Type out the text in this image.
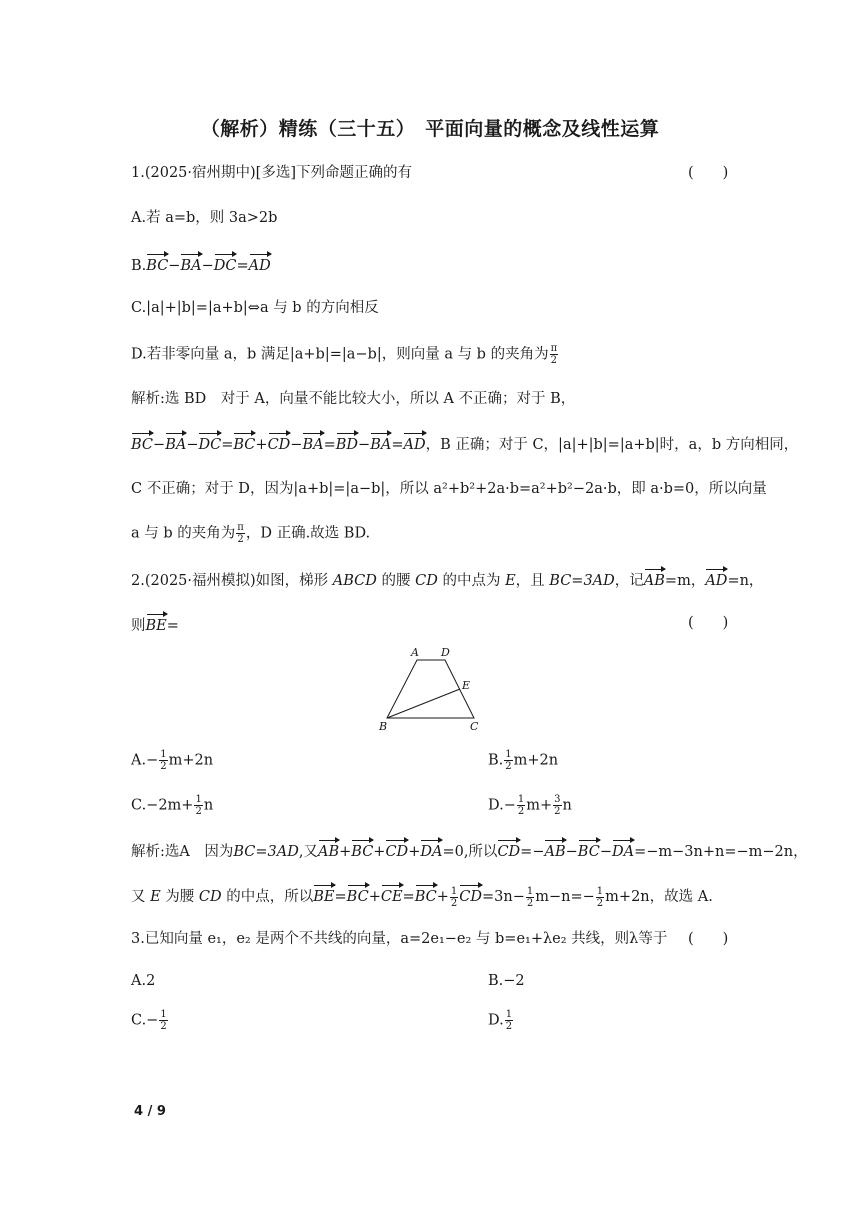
（解析）精练（三十五）　平面向量的概念及线性运算
1.(2025·宿州期中)[多选]下列命题正确的有	(　　)
A.若 a=b，则 3a>2b
B.BC−BA−DC=AD
C.|a|+|b|=|a+b|⇔a 与 b 的方向相反
D.若非零向量 a，b 满足|a+b|=|a−b|，则向量 a 与 b 的夹角为 $\frac{\pi}{2}$
解析:选 BD　对于 A，向量不能比较大小，所以 A 不正确；对于 B，
BC−BA−DC=BC+CD−BA=BD−BA=AD，B 正确；对于 C，|a|+|b|=|a+b|时，a，b 方向相同，
C 不正确；对于 D，因为|a+b|=|a−b|，所以 a²+b²+2a·b=a²+b²−2a·b，即 a·b=0，所以向量
a 与 b 的夹角为 $\frac{\pi}{2}$ ，D 正确.故选 BD.
2.(2025·福州模拟)如图，梯形 ABCD 的腰 CD 的中点为 E，且 BC=3AD，记AB=m，AD=n，
则BE=	(　　)
A D
E
B	C
$A.- \frac{1}{2} m+2n$	B. $\frac{1}{2} m+2n$
$C.-2m+ \frac{1}{2}$ n	$D.- \frac{1}{2} m+ \frac{3}{2}$ n
解析:选A　因为BC=3AD,又AB+BC+CD+DA=0,所以CD=−AB−BC−DA=−m−3n+n=−m−2n，
又 E 为腰 CD 的中点，所以$BE=BC+CE=BC+ \frac{1}{2} CD=3n- \frac{1}{2} m-n=- \frac{1}{2} m+2n$，故选 A.
3.已知向量 e₁，e₂ 是两个不共线的向量，a=2e₁−e₂ 与 b=e₁+λe₂ 共线，则λ等于 (　　)
A.2	B.−2
$C.- \frac{1}{2}$	D. $\frac{1}{2}$
4 / 9
